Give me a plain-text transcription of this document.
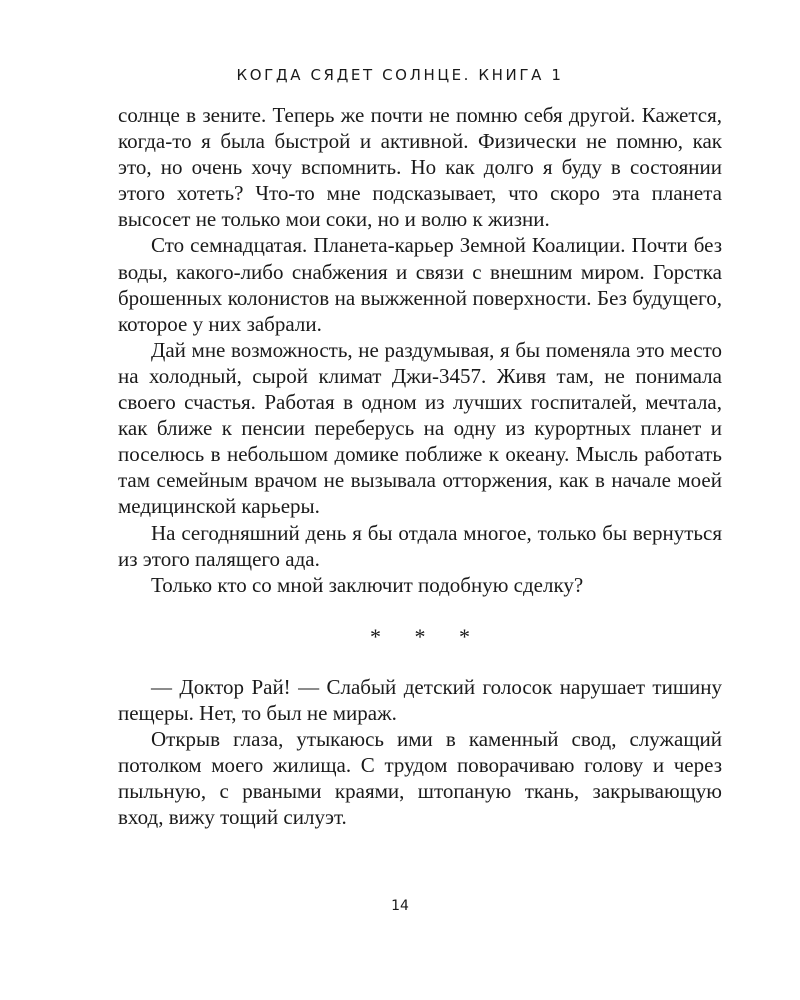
КОГДА СЯДЕТ СОЛНЦЕ. КНИГА 1

солнце в зените. Теперь же почти не помню себя другой. Кажется, когда-то я была быстрой и активной. Физически не помню, как это, но очень хочу вспомнить. Но как долго я буду в состоянии этого хотеть? Что-то мне подсказывает, что скоро эта планета высосет не только мои соки, но и волю к жизни.

Сто семнадцатая. Планета-карьер Земной Коалиции. Почти без воды, какого-либо снабжения и связи с внешним миром. Горстка брошенных колонистов на выжженной поверхности. Без будущего, которое у них забрали.

Дай мне возможность, не раздумывая, я бы поменяла это место на холодный, сырой климат Джи-3457. Живя там, не понимала своего счастья. Работая в одном из лучших госпиталей, мечтала, как ближе к пенсии переберусь на одну из курортных планет и поселюсь в небольшом домике поближе к океану. Мысль работать там семейным врачом не вызывала отторжения, как в начале моей медицинской карьеры.

На сегодняшний день я бы отдала многое, только бы вернуться из этого палящего ада.

Только кто со мной заключит подобную сделку?

* * *

— Доктор Рай! — Слабый детский голосок нарушает тишину пещеры. Нет, то был не мираж.

Открыв глаза, утыкаюсь ими в каменный свод, служащий потолком моего жилища. С трудом поворачиваю голову и через пыльную, с рваными краями, штопаную ткань, закрывающую вход, вижу тощий силуэт.

14
